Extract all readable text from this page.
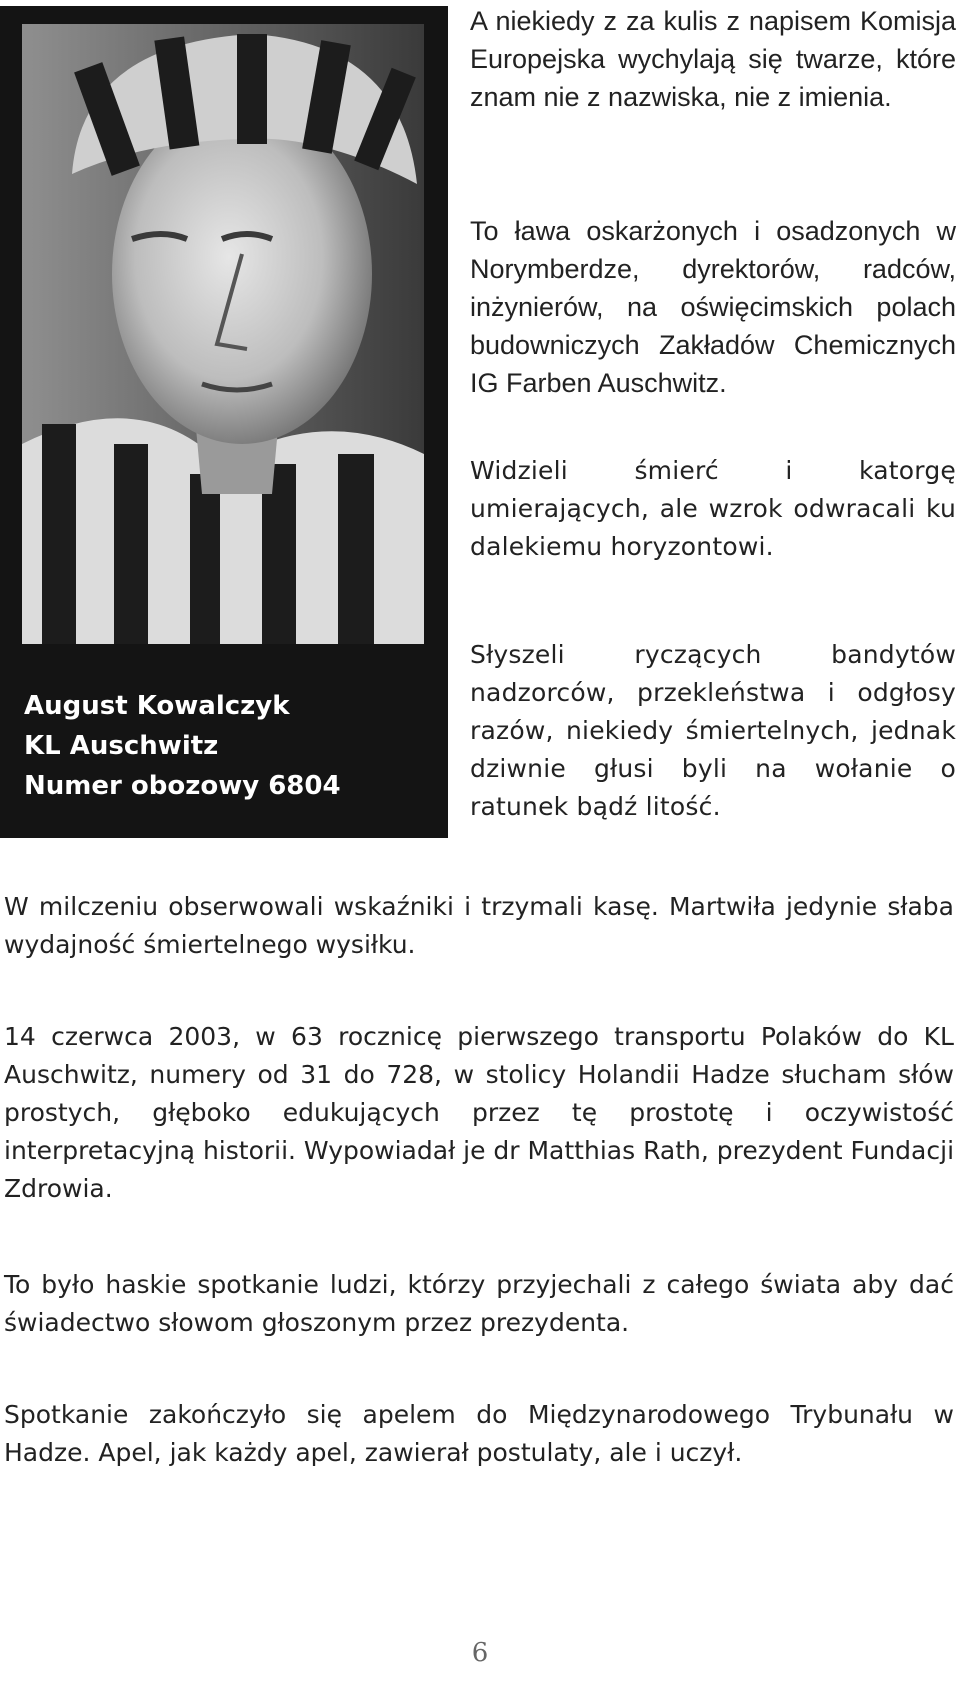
August Kowalczyk
KL Auschwitz
Numer obozowy 6804

A niekiedy z za kulis z napisem Komisja Europejska wychylają się twarze, które znam nie z nazwiska, nie z imienia.

To ława oskarżonych i osadzonych w Norymberdze, dyrektorów, radców, inżynierów, na oświęcimskich polach budowniczych Zakładów Chemicznych IG Farben Auschwitz.

Widzieli śmierć i katorgę umierających, ale wzrok odwracali ku dalekiemu horyzontowi.

Słyszeli ryczących bandytów nadzorców, przekleństwa i odgłosy razów, niekiedy śmiertelnych, jednak dziwnie głusi byli na wołanie o ratunek bądź litość.

W milczeniu obserwowali wskaźniki i trzymali kasę. Martwiła jedynie słaba wydajność śmiertelnego wysiłku.

14 czerwca 2003, w 63 rocznicę pierwszego transportu Polaków do KL Auschwitz, numery od 31 do 728, w stolicy Holandii Hadze słucham słów prostych, głęboko edukujących przez tę prostotę i oczywistość interpretacyjną historii. Wypowiadał je dr Matthias Rath, prezydent Fundacji Zdrowia.

To było haskie spotkanie ludzi, którzy przyjechali z całego świata aby dać świadectwo słowom głoszonym przez prezydenta.

Spotkanie zakończyło się apelem do Międzynarodowego Trybunału w Hadze. Apel, jak każdy apel, zawierał postulaty, ale i uczył.

6
